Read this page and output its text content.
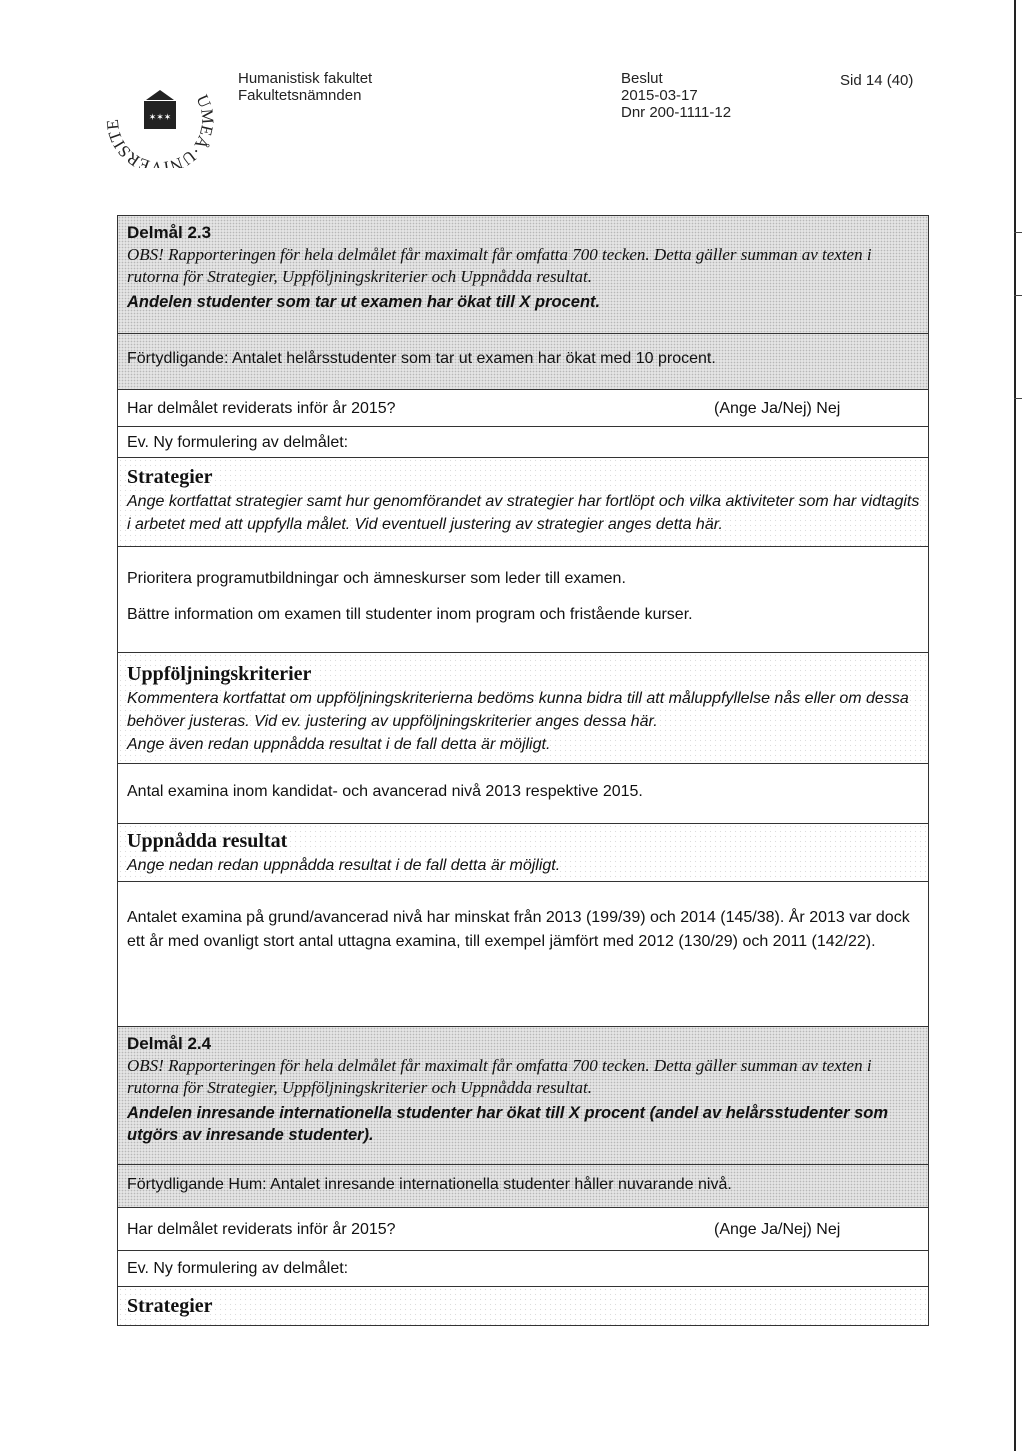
UMEÅ·UNIVERSITE
✶✶✶
Humanistisk fakultet
Fakultetsnämnden
Beslut
2015-03-17
Dnr 200-1111-12
Sid 14 (40)
Delmål 2.3
OBS! Rapporteringen för hela delmålet får maximalt får omfatta 700 tecken. Detta gäller summan av texten i rutorna för Strategier, Uppföljningskriterier och Uppnådda resultat.
Andelen studenter som tar ut examen har ökat till X procent.
Förtydligande: Antalet helårsstudenter som tar ut examen har ökat med 10 procent.
Har delmålet reviderats inför år 2015?	(Ange Ja/Nej) Nej
Ev. Ny formulering av delmålet:
Strategier
Ange kortfattat strategier samt hur genomförandet av strategier har fortlöpt och vilka aktiviteter som har vidtagits i arbetet med att uppfylla målet. Vid eventuell justering av strategier anges detta här.
Prioritera programutbildningar och ämneskurser som leder till examen.
Bättre information om examen till studenter inom program och fristående kurser.
Uppföljningskriterier
Kommentera kortfattat om uppföljningskriterierna bedöms kunna bidra till att måluppfyllelse nås eller om dessa behöver justeras. Vid ev. justering av uppföljningskriterier anges dessa här.
Ange även redan uppnådda resultat i de fall detta är möjligt.
Antal examina inom kandidat- och avancerad nivå 2013 respektive 2015.
Uppnådda resultat
Ange nedan redan uppnådda resultat i de fall detta är möjligt.
Antalet examina på grund/avancerad nivå har minskat från 2013 (199/39) och 2014 (145/38). År 2013 var dock ett år med ovanligt stort antal uttagna examina, till exempel jämfört med 2012 (130/29) och 2011 (142/22).
Delmål 2.4
OBS! Rapporteringen för hela delmålet får maximalt får omfatta 700 tecken. Detta gäller summan av texten i rutorna för Strategier, Uppföljningskriterier och Uppnådda resultat.
Andelen inresande internationella studenter har ökat till X procent (andel av helårsstudenter som utgörs av inresande studenter).
Förtydligande Hum: Antalet inresande internationella studenter håller nuvarande nivå.
Har delmålet reviderats inför år 2015?	(Ange Ja/Nej) Nej
Ev. Ny formulering av delmålet:
Strategier
